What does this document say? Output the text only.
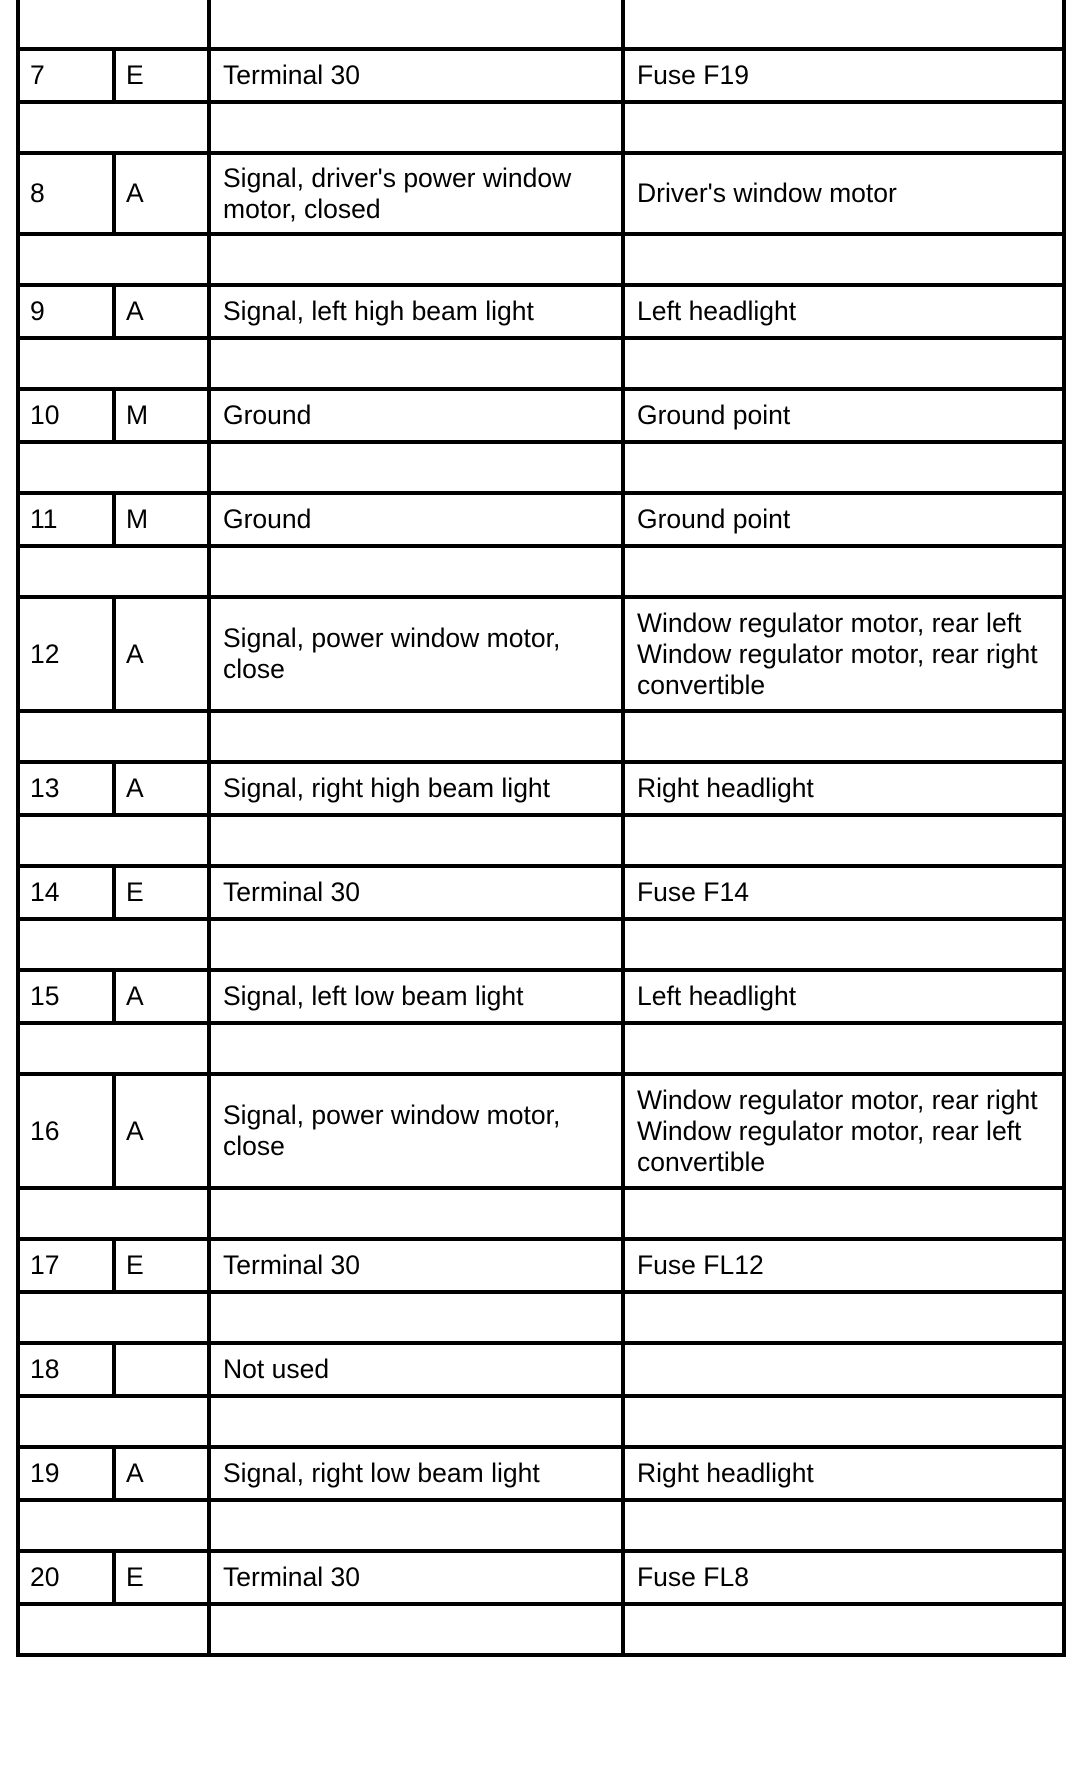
7	E	Terminal 30	Fuse F19

8	A	Signal, driver's power window motor, closed	Driver's window motor

9	A	Signal, left high beam light	Left headlight

10	M	Ground	Ground point

11	M	Ground	Ground point

12	A	Signal, power window motor, close	Window regulator motor, rear left Window regulator motor, rear right convertible

13	A	Signal, right high beam light	Right headlight

14	E	Terminal 30	Fuse F14

15	A	Signal, left low beam light	Left headlight

16	A	Signal, power window motor, close	Window regulator motor, rear right Window regulator motor, rear left convertible

17	E	Terminal 30	Fuse FL12

18		Not used	

19	A	Signal, right low beam light	Right headlight

20	E	Terminal 30	Fuse FL8
